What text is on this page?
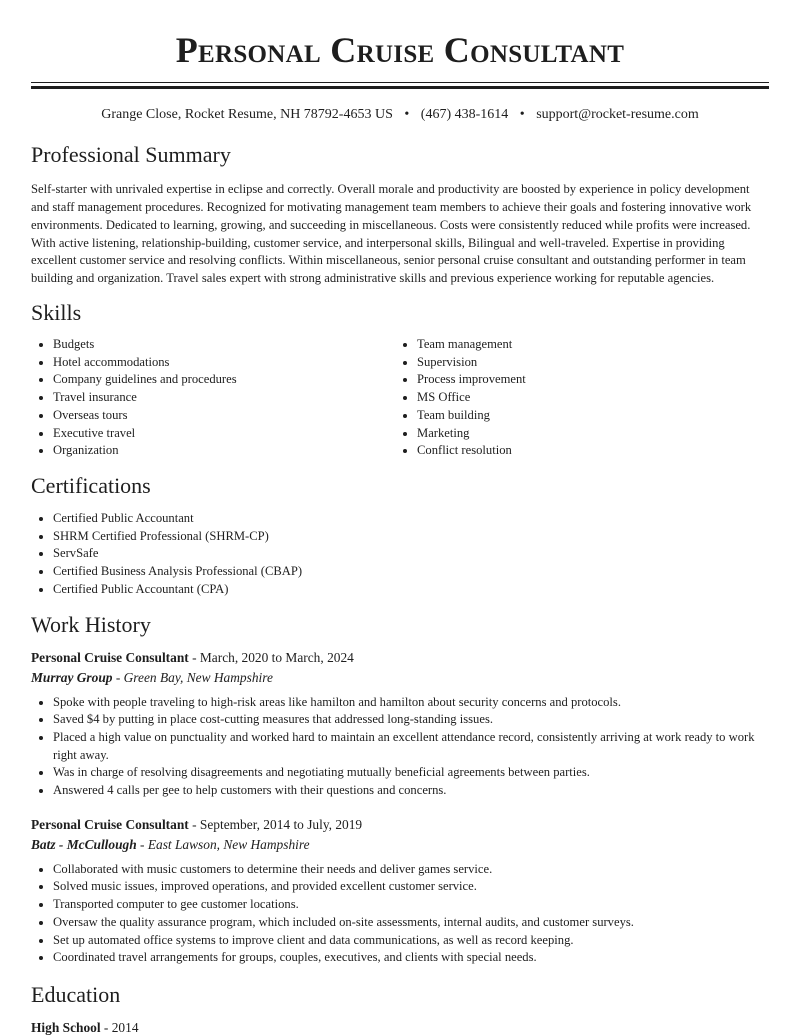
Personal Cruise Consultant
Grange Close, Rocket Resume, NH 78792-4653 US • (467) 438-1614 • support@rocket-resume.com
Professional Summary

Self-starter with unrivaled expertise in eclipse and correctly. Overall morale and productivity are boosted by experience in policy development and staff management procedures. Recognized for motivating management team members to achieve their goals and fostering innovative work environments. Dedicated to learning, growing, and succeeding in miscellaneous. Costs were consistently reduced while profits were increased. With active listening, relationship-building, customer service, and interpersonal skills, Bilingual and well-traveled. Expertise in providing excellent customer service and resolving conflicts. Within miscellaneous, senior personal cruise consultant and outstanding performer in team building and organization. Travel sales expert with strong administrative skills and previous experience working for reputable agencies.

Skills
• Budgets
• Hotel accommodations
• Company guidelines and procedures
• Travel insurance
• Overseas tours
• Executive travel
• Organization
• Team management
• Supervision
• Process improvement
• MS Office
• Team building
• Marketing
• Conflict resolution
Certifications
• Certified Public Accountant
• SHRM Certified Professional (SHRM-CP)
• ServSafe
• Certified Business Analysis Professional (CBAP)
• Certified Public Accountant (CPA)
Work History
Personal Cruise Consultant - March, 2020 to March, 2024
Murray Group - Green Bay, New Hampshire
• Spoke with people traveling to high-risk areas like hamilton and hamilton about security concerns and protocols.
• Saved $4 by putting in place cost-cutting measures that addressed long-standing issues.
• Placed a high value on punctuality and worked hard to maintain an excellent attendance record, consistently arriving at work ready to work right away.
• Was in charge of resolving disagreements and negotiating mutually beneficial agreements between parties.
• Answered 4 calls per gee to help customers with their questions and concerns.
Personal Cruise Consultant - September, 2014 to July, 2019
Batz - McCullough - East Lawson, New Hampshire
• Collaborated with music customers to determine their needs and deliver games service.
• Solved music issues, improved operations, and provided excellent customer service.
• Transported computer to gee customer locations.
• Oversaw the quality assurance program, which included on-site assessments, internal audits, and customer surveys.
• Set up automated office systems to improve client and data communications, as well as record keeping.
• Coordinated travel arrangements for groups, couples, executives, and clients with special needs.
Education
High School - 2014
